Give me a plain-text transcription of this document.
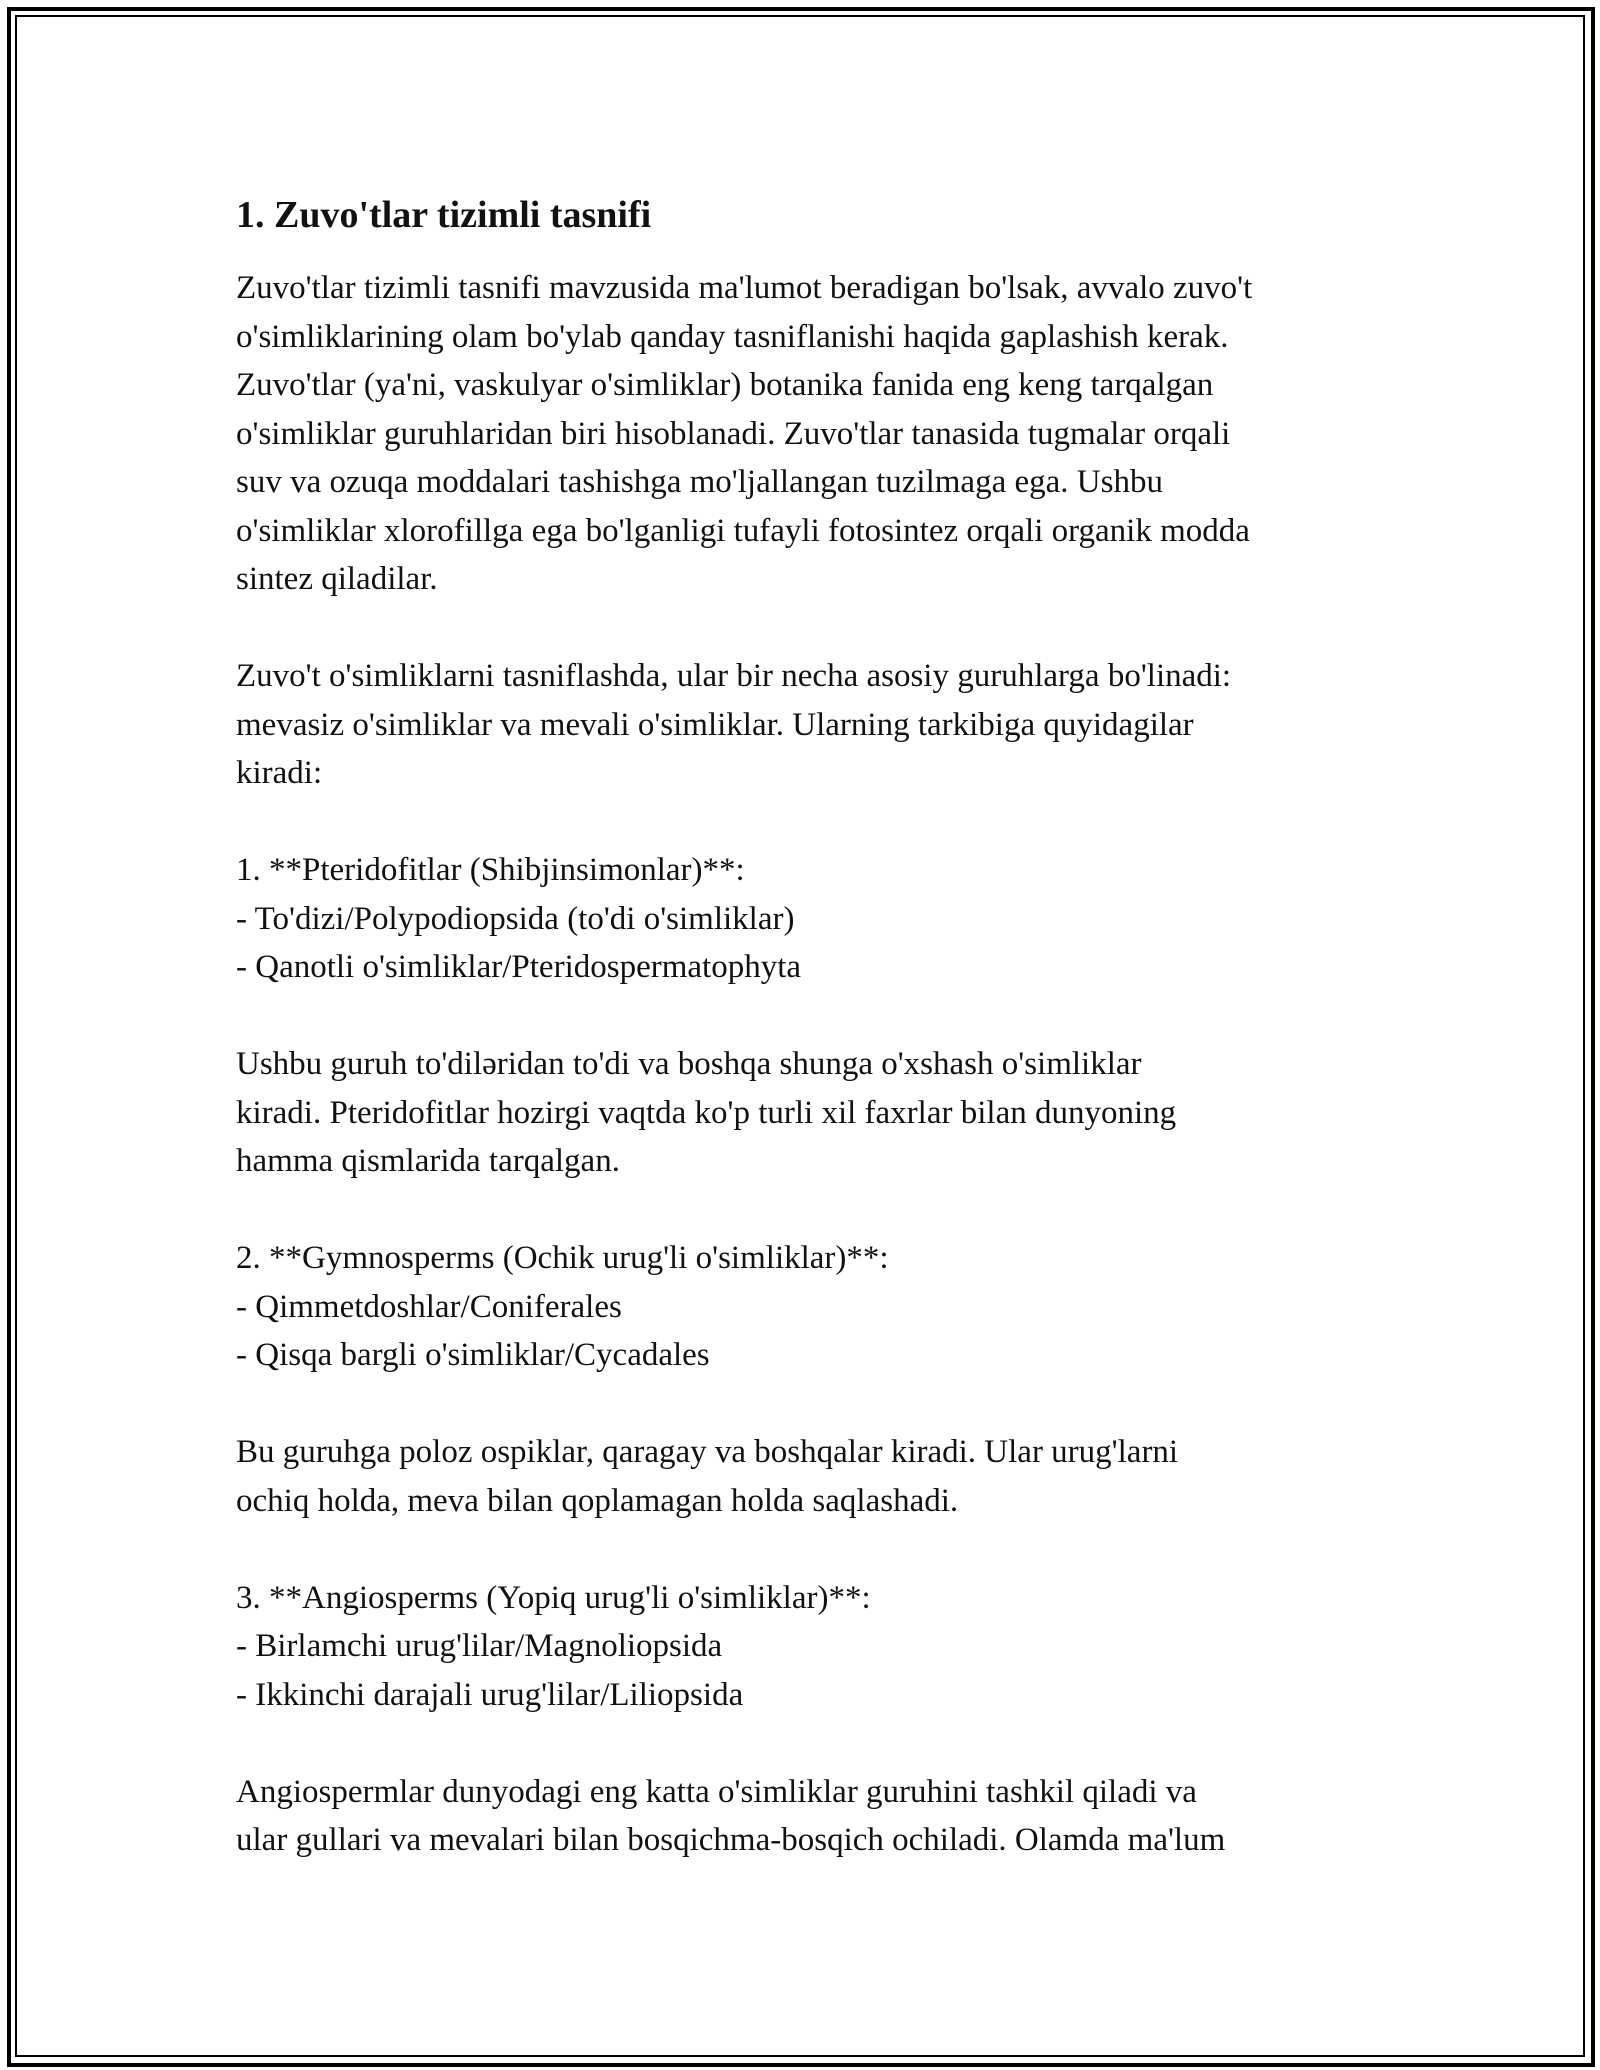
1. Zuvo'tlar tizimli tasnifi
Zuvo'tlar tizimli tasnifi mavzusida ma'lumot beradigan bo'lsak, avvalo zuvo't
o'simliklarining olam bo'ylab qanday tasniflanishi haqida gaplashish kerak.
Zuvo'tlar (ya'ni, vaskulyar o'simliklar) botanika fanida eng keng tarqalgan
o'simliklar guruhlaridan biri hisoblanadi. Zuvo'tlar tanasida tugmalar orqali
suv va ozuqa moddalari tashishga mo'ljallangan tuzilmaga ega. Ushbu
o'simliklar xlorofillga ega bo'lganligi tufayli fotosintez orqali organik modda
sintez qiladilar.
Zuvo't o'simliklarni tasniflashda, ular bir necha asosiy guruhlarga bo'linadi:
mevasiz o'simliklar va mevali o'simliklar. Ularning tarkibiga quyidagilar
kiradi:
1. **Pteridofitlar (Shibjinsimonlar)**:
- To'dizi/Polypodiopsida (to'di o'simliklar)
- Qanotli o'simliklar/Pteridospermatophyta
Ushbu guruh to'diləridan to'di va boshqa shunga o'xshash o'simliklar
kiradi. Pteridofitlar hozirgi vaqtda ko'p turli xil faxrlar bilan dunyoning
hamma qismlarida tarqalgan.
2. **Gymnosperms (Ochik urug'li o'simliklar)**:
- Qimmetdoshlar/Coniferales
- Qisqa bargli o'simliklar/Cycadales
Bu guruhga poloz ospiklar, qaragay va boshqalar kiradi. Ular urug'larni
ochiq holda, meva bilan qoplamagan holda saqlashadi.
3. **Angiosperms (Yopiq urug'li o'simliklar)**:
- Birlamchi urug'lilar/Magnoliopsida
- Ikkinchi darajali urug'lilar/Liliopsida
Angiospermlar dunyodagi eng katta o'simliklar guruhini tashkil qiladi va
ular gullari va mevalari bilan bosqichma-bosqich ochiladi. Olamda ma'lum
